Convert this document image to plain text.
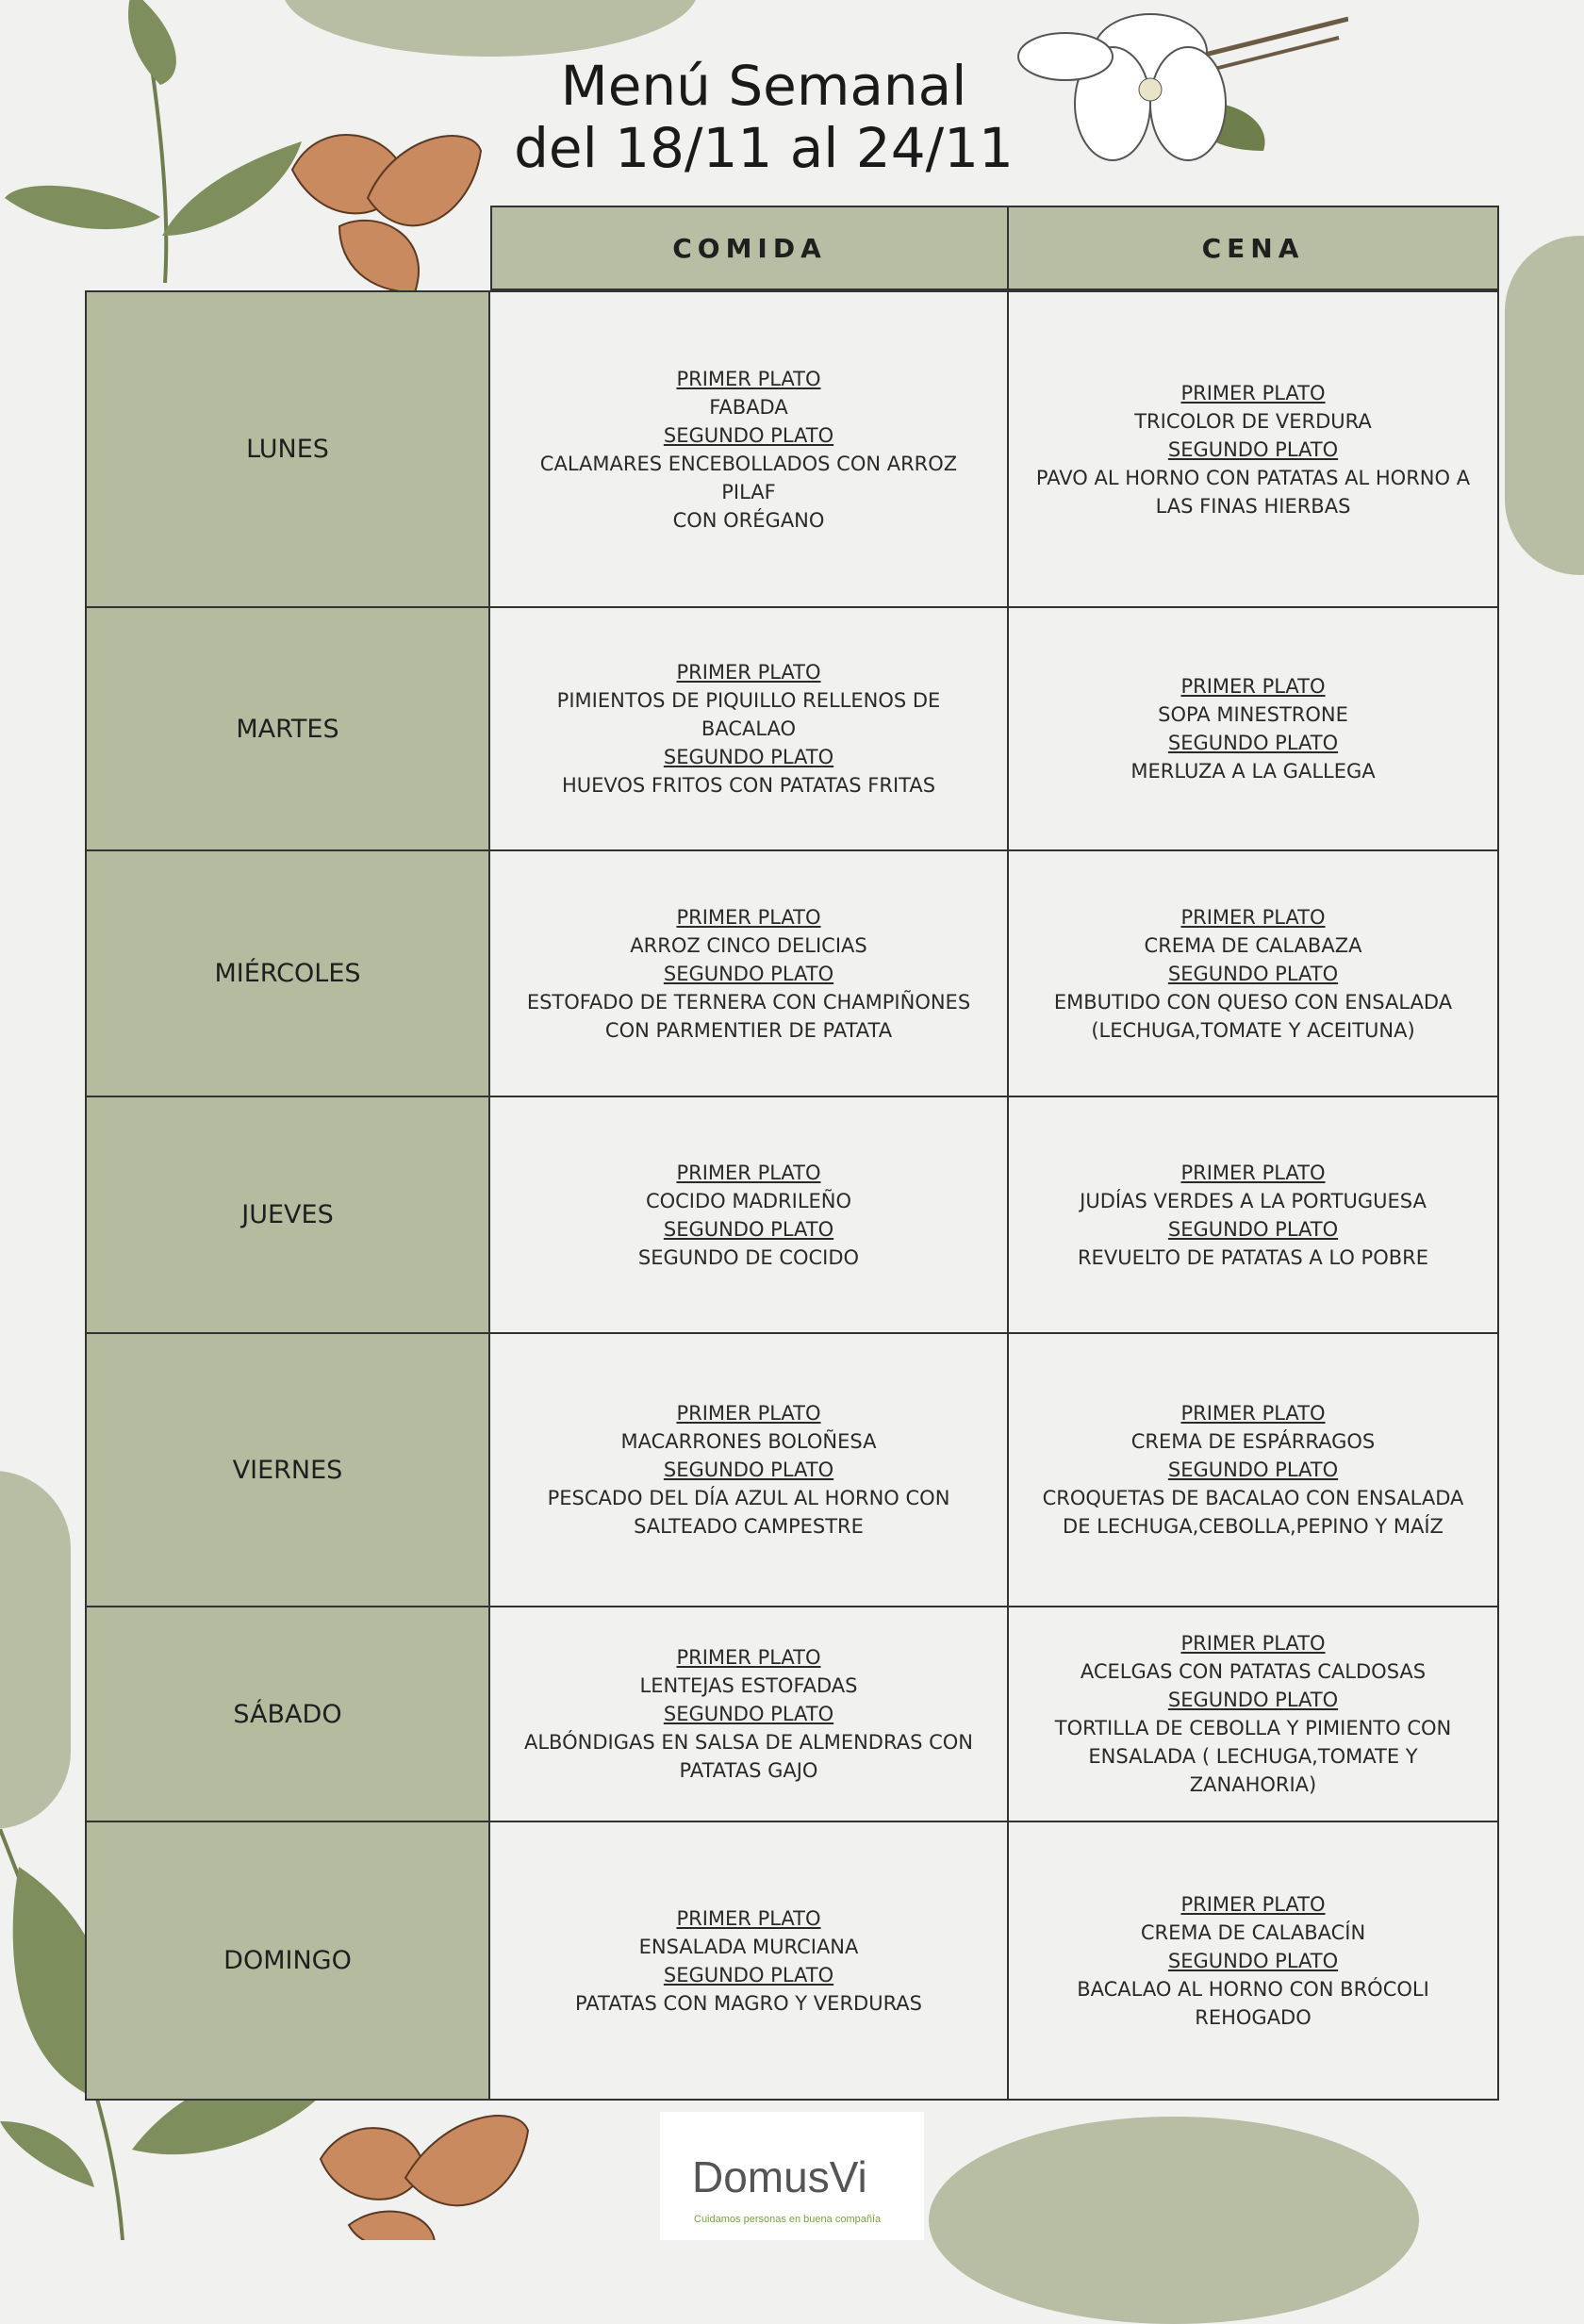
Menú Semanal
del 18/11 al 24/11
COMIDA	CENA
LUNES
PRIMER PLATO
FABADA
SEGUNDO PLATO
CALAMARES ENCEBOLLADOS CON ARROZ PILAF
CON ORÉGANO
PRIMER PLATO
TRICOLOR DE VERDURA
SEGUNDO PLATO
PAVO AL HORNO CON PATATAS AL HORNO A
LAS FINAS HIERBAS
MARTES
PRIMER PLATO
PIMIENTOS DE PIQUILLO RELLENOS DE
BACALAO
SEGUNDO PLATO
HUEVOS FRITOS CON PATATAS FRITAS
PRIMER PLATO
SOPA MINESTRONE
SEGUNDO PLATO
MERLUZA A LA GALLEGA
MIÉRCOLES
PRIMER PLATO
ARROZ CINCO DELICIAS
SEGUNDO PLATO
ESTOFADO DE TERNERA CON CHAMPIÑONES
CON PARMENTIER DE PATATA
PRIMER PLATO
CREMA DE CALABAZA
SEGUNDO PLATO
EMBUTIDO CON QUESO CON ENSALADA
(LECHUGA,TOMATE Y ACEITUNA)
JUEVES
PRIMER PLATO
COCIDO MADRILEÑO
SEGUNDO PLATO
SEGUNDO DE COCIDO
PRIMER PLATO
JUDÍAS VERDES A LA PORTUGUESA
SEGUNDO PLATO
REVUELTO DE PATATAS A LO POBRE
VIERNES
PRIMER PLATO
MACARRONES BOLOÑESA
SEGUNDO PLATO
PESCADO DEL DÍA AZUL AL HORNO CON
SALTEADO CAMPESTRE
PRIMER PLATO
CREMA DE ESPÁRRAGOS
SEGUNDO PLATO
CROQUETAS DE BACALAO CON ENSALADA
DE LECHUGA,CEBOLLA,PEPINO Y MAÍZ
SÁBADO
PRIMER PLATO
LENTEJAS ESTOFADAS
SEGUNDO PLATO
ALBÓNDIGAS EN SALSA DE ALMENDRAS CON
PATATAS GAJO
PRIMER PLATO
ACELGAS CON PATATAS CALDOSAS
SEGUNDO PLATO
TORTILLA DE CEBOLLA Y PIMIENTO CON
ENSALADA ( LECHUGA,TOMATE Y ZANAHORIA)
DOMINGO
PRIMER PLATO
ENSALADA MURCIANA
SEGUNDO PLATO
PATATAS CON MAGRO Y VERDURAS
PRIMER PLATO
CREMA DE CALABACÍN
SEGUNDO PLATO
BACALAO AL HORNO CON BRÓCOLI
REHOGADO
DomusVi
Cuidamos personas en buena compañía
